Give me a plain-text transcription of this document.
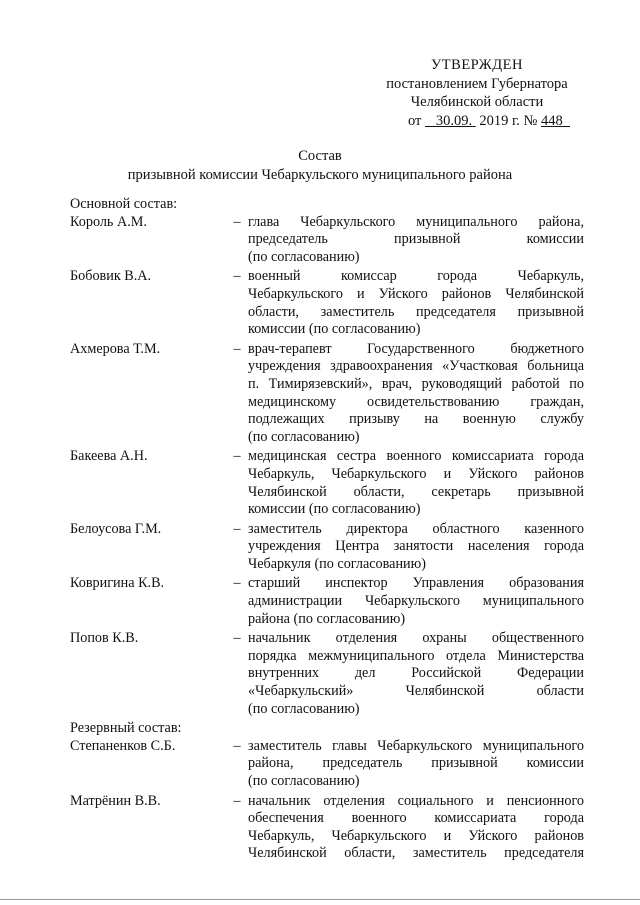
УТВЕРЖДЕН
постановлением Губернатора
Челябинской области
от 30.09. 2019 г. № 448
Состав
призывной комиссии Чебаркульского муниципального района
Основной состав:
Король А.М.	– глава Чебаркульского муниципального района,
председатель призывной комиссии
(по согласованию)
Бобовик В.А.	– военный комиссар города Чебаркуль,
Чебаркульского и Уйского районов Челябинской
области, заместитель председателя призывной
комиссии (по согласованию)
Ахмерова Т.М.	– врач-терапевт Государственного бюджетного
учреждения здравоохранения «Участковая больница
п. Тимирязевский», врач, руководящий работой по
медицинскому освидетельствованию граждан,
подлежащих призыву на военную службу
(по согласованию)
Бакеева А.Н.	– медицинская сестра военного комиссариата города
Чебаркуль, Чебаркульского и Уйского районов
Челябинской области, секретарь призывной
комиссии (по согласованию)
Белоусова Г.М.	– заместитель директора областного казенного
учреждения Центра занятости населения города
Чебаркуля (по согласованию)
Ковригина К.В.	– старший инспектор Управления образования
администрации Чебаркульского муниципального
района (по согласованию)
Попов К.В.	– начальник отделения охраны общественного
порядка межмуниципального отдела Министерства
внутренних дел Российской Федерации
«Чебаркульский» Челябинской области
(по согласованию)
Резервный состав:
Степаненков С.Б.	– заместитель главы Чебаркульского муниципального
района, председатель призывной комиссии
(по согласованию)
Матрёнин В.В.	– начальник отделения социального и пенсионного
обеспечения военного комиссариата города
Чебаркуль, Чебаркульского и Уйского районов
Челябинской области, заместитель председателя
